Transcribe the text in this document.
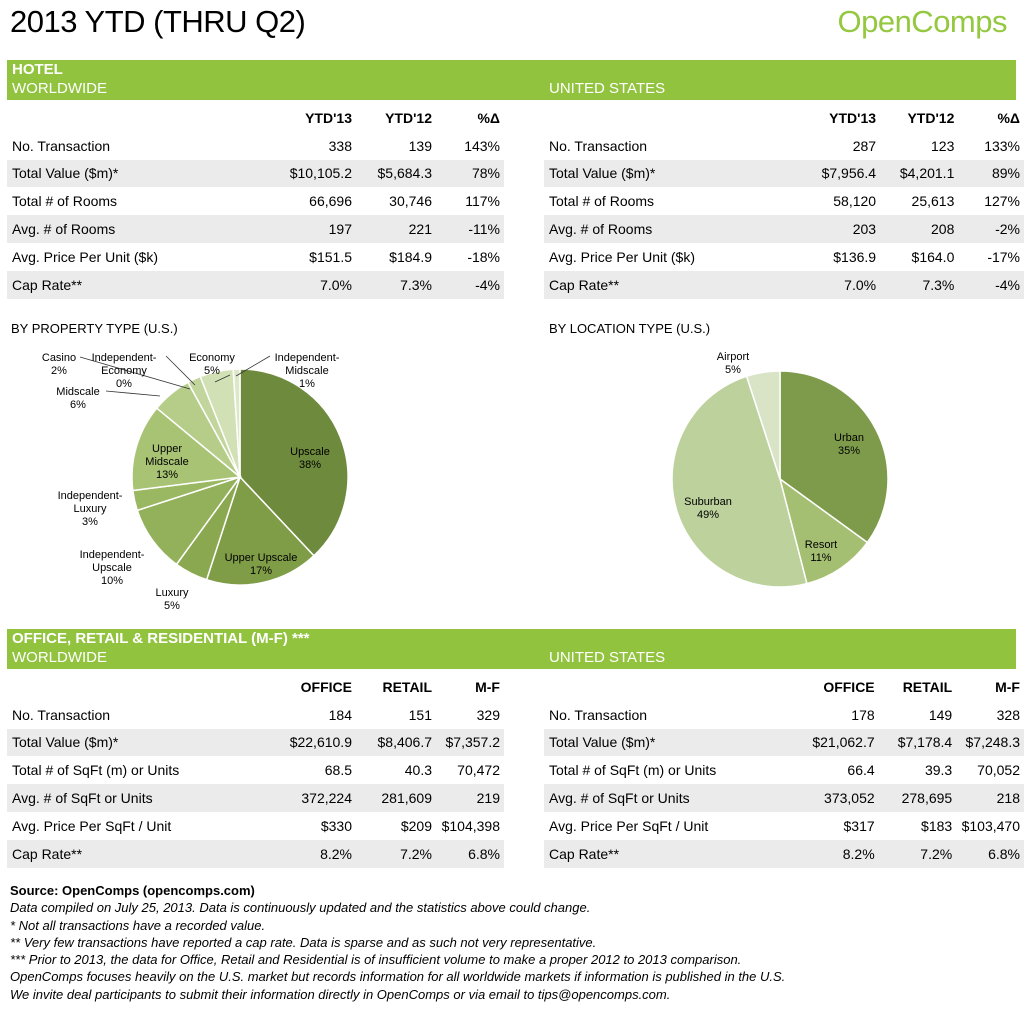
2013 YTD (THRU Q2)	OpenComps
HOTEL
WORLDWIDE	UNITED STATES
	YTD'13	YTD'12	%Δ
No. Transaction	338	139	143%
Total Value ($m)*	$10,105.2	$5,684.3	78%
Total # of Rooms	66,696	30,746	117%
Avg. # of Rooms	197	221	-11%
Avg. Price Per Unit ($k)	$151.5	$184.9	-18%
Cap Rate**	7.0%	7.3%	-4%
	YTD'13	YTD'12	%Δ
No. Transaction	287	123	133%
Total Value ($m)*	$7,956.4	$4,201.1	89%
Total # of Rooms	58,120	25,613	127%
Avg. # of Rooms	203	208	-2%
Avg. Price Per Unit ($k)	$136.9	$164.0	-17%
Cap Rate**	7.0%	7.3%	-4%
BY PROPERTY TYPE (U.S.)	BY LOCATION TYPE (U.S.)
Upscale 38%
Upper Upscale 17%
Luxury 5%
Independent-Upscale 10%
Independent-Luxury 3%
Upper Midscale 13%
Midscale 6%
Casino 2%
Independent-Economy 0%
Economy 5%
Independent-Midscale 1%
Urban 35%
Resort 11%
Suburban 49%
Airport 5%
OFFICE, RETAIL & RESIDENTIAL (M-F) ***
WORLDWIDE	UNITED STATES
	OFFICE	RETAIL	M-F
No. Transaction	184	151	329
Total Value ($m)*	$22,610.9	$8,406.7	$7,357.2
Total # of SqFt (m) or Units	68.5	40.3	70,472
Avg. # of SqFt or Units	372,224	281,609	219
Avg. Price Per SqFt / Unit	$330	$209	$104,398
Cap Rate**	8.2%	7.2%	6.8%
	OFFICE	RETAIL	M-F
No. Transaction	178	149	328
Total Value ($m)*	$21,062.7	$7,178.4	$7,248.3
Total # of SqFt (m) or Units	66.4	39.3	70,052
Avg. # of SqFt or Units	373,052	278,695	218
Avg. Price Per SqFt / Unit	$317	$183	$103,470
Cap Rate**	8.2%	7.2%	6.8%
Source: OpenComps (opencomps.com)
Data compiled on July 25, 2013. Data is continuously updated and the statistics above could change.
* Not all transactions have a recorded value.
** Very few transactions have reported a cap rate. Data is sparse and as such not very representative.
*** Prior to 2013, the data for Office, Retail and Residential is of insufficient volume to make a proper 2012 to 2013 comparison.
OpenComps focuses heavily on the U.S. market but records information for all worldwide markets if information is published in the U.S.
We invite deal participants to submit their information directly in OpenComps or via email to tips@opencomps.com.
